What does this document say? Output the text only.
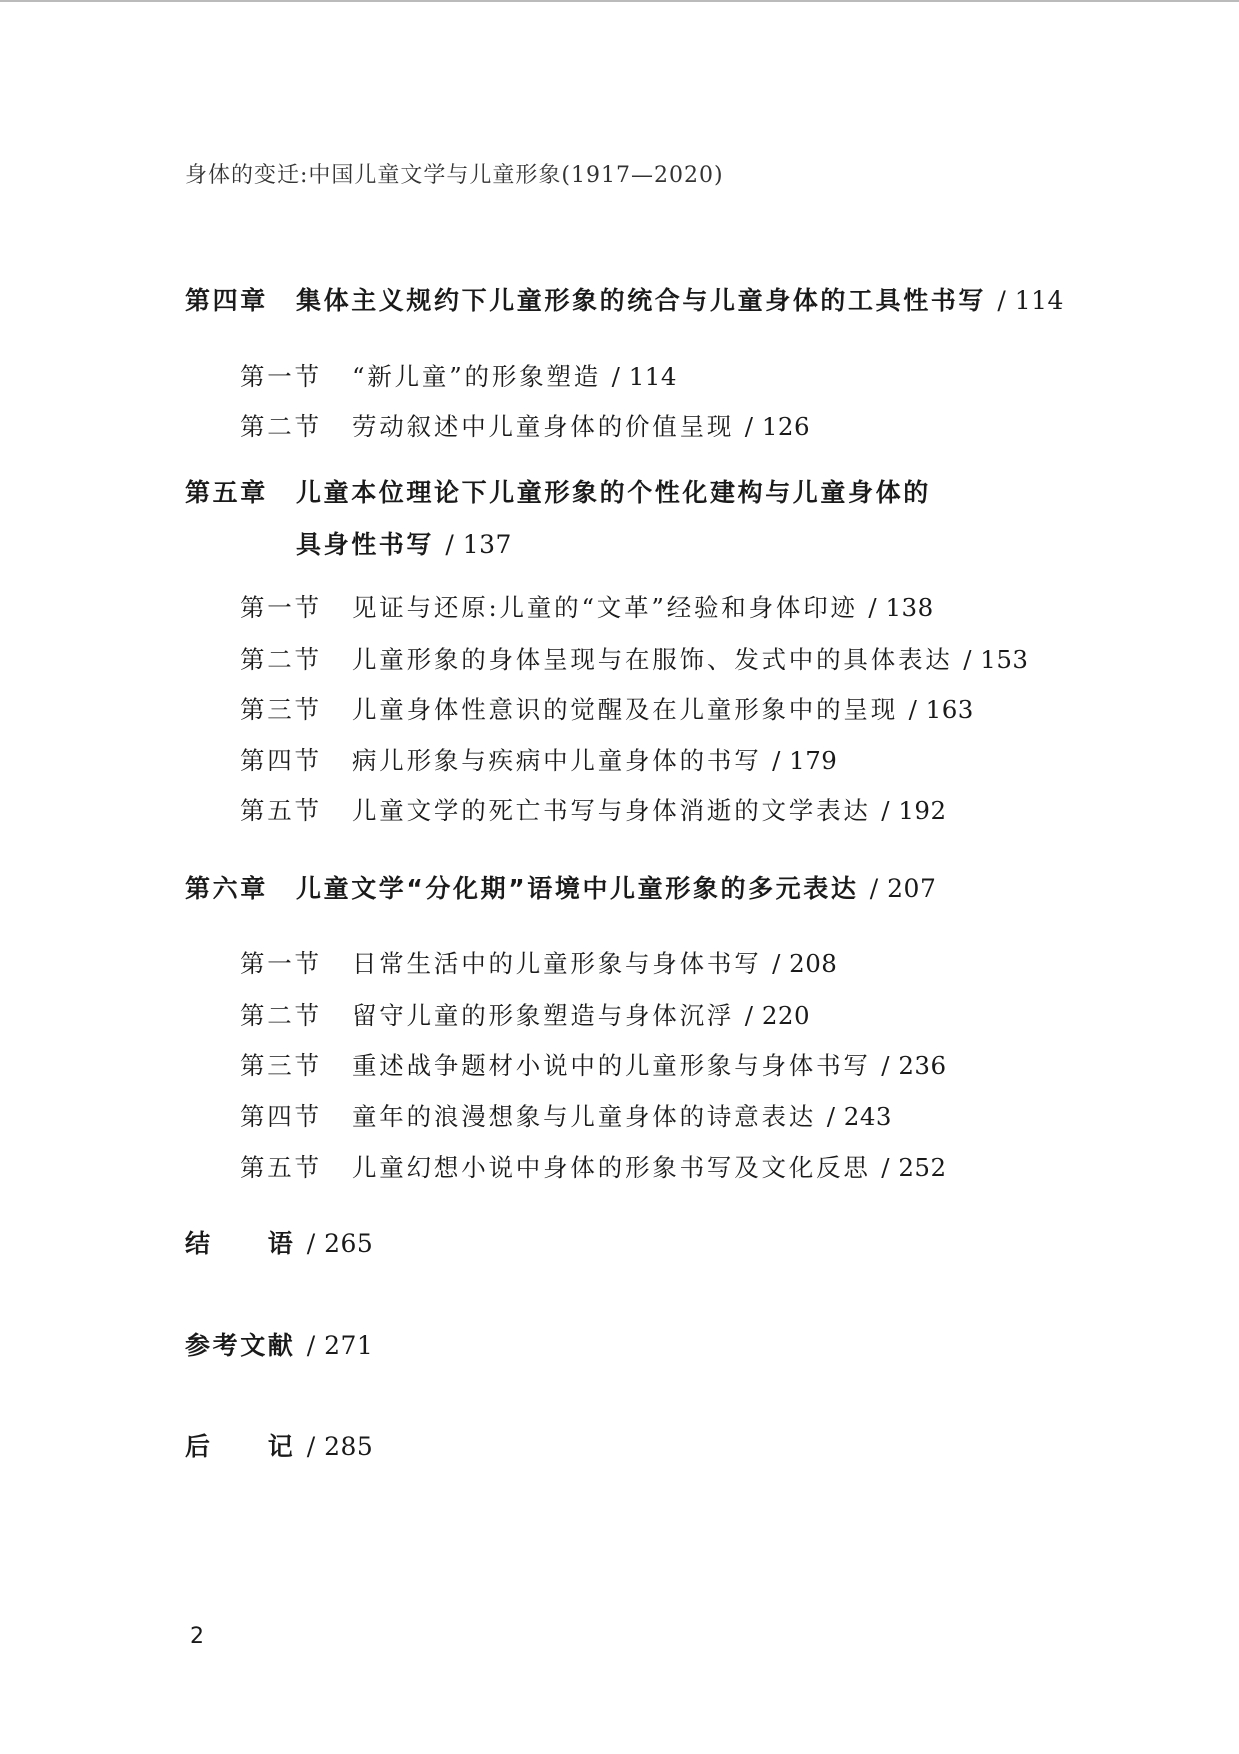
身体的变迁:中国儿童文学与儿童形象(1917—2020)
第四章 集体主义规约下儿童形象的统合与儿童身体的工具性书写 / 114
第一节 “新儿童”的形象塑造 / 114
第二节 劳动叙述中儿童身体的价值呈现 / 126
第五章 儿童本位理论下儿童形象的个性化建构与儿童身体的
具身性书写 / 137
第一节 见证与还原:儿童的“文革”经验和身体印迹 / 138
第二节 儿童形象的身体呈现与在服饰、发式中的具体表达 / 153
第三节 儿童身体性意识的觉醒及在儿童形象中的呈现 / 163
第四节 病儿形象与疾病中儿童身体的书写 / 179
第五节 儿童文学的死亡书写与身体消逝的文学表达 / 192
第六章 儿童文学“分化期”语境中儿童形象的多元表达 / 207
第一节 日常生活中的儿童形象与身体书写 / 208
第二节 留守儿童的形象塑造与身体沉浮 / 220
第三节 重述战争题材小说中的儿童形象与身体书写 / 236
第四节 童年的浪漫想象与儿童身体的诗意表达 / 243
第五节 儿童幻想小说中身体的形象书写及文化反思 / 252
结　　语 / 265
参考文献 / 271
后　　记 / 285
2
